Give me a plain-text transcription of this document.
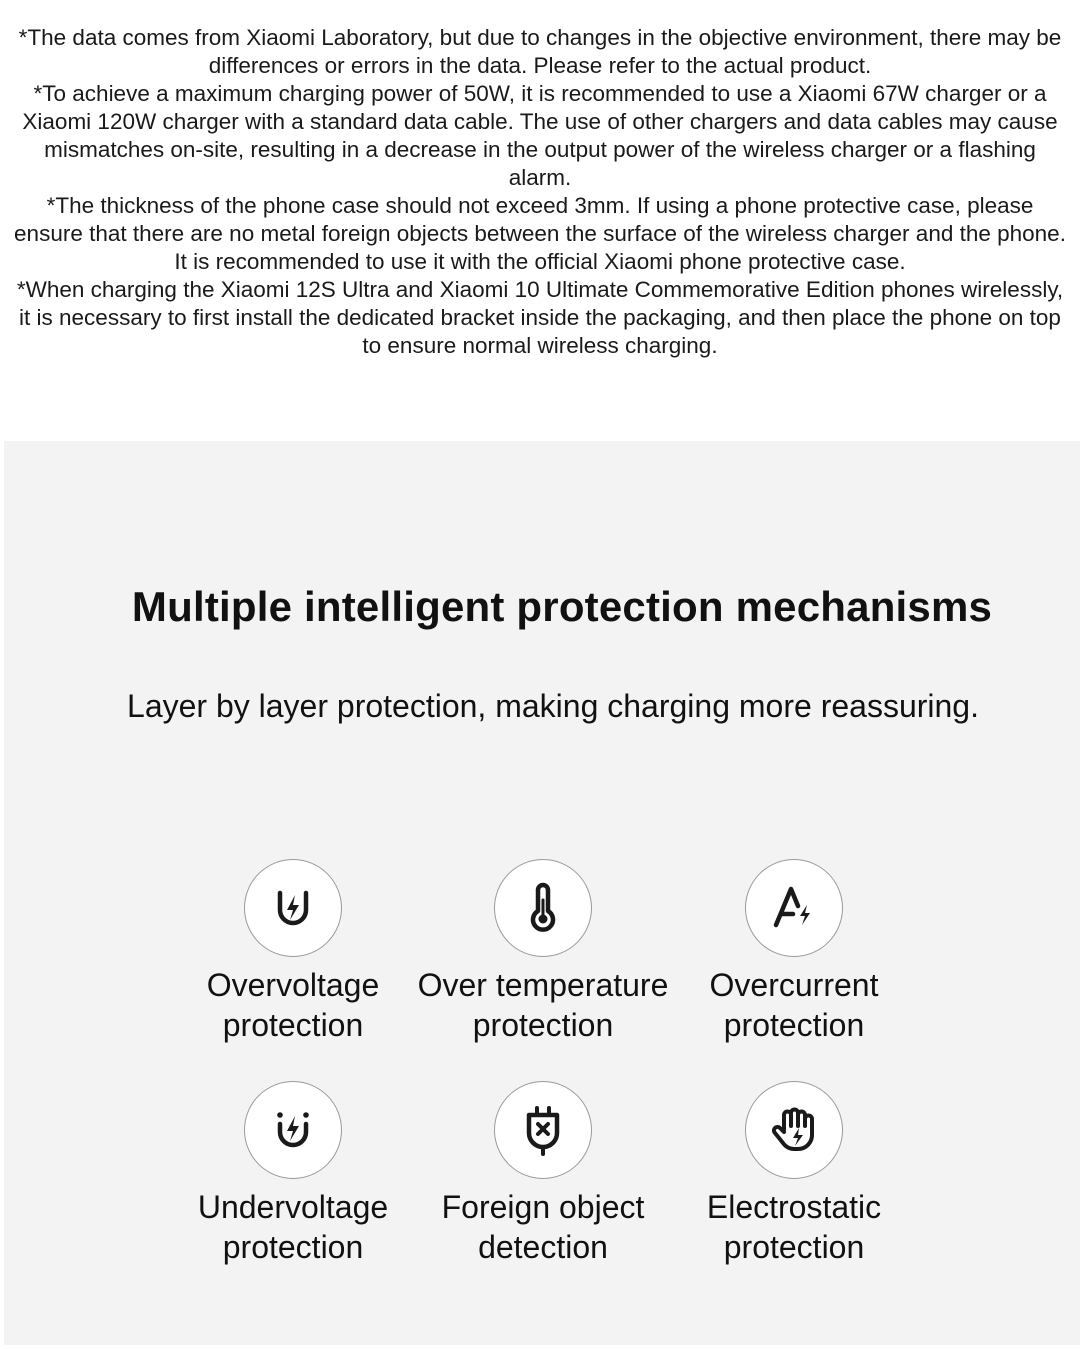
*The data comes from Xiaomi Laboratory, but due to changes in the objective environment, there may be differences or errors in the data. Please refer to the actual product.

*To achieve a maximum charging power of 50W, it is recommended to use a Xiaomi 67W charger or a Xiaomi 120W charger with a standard data cable. The use of other chargers and data cables may cause mismatches on-site, resulting in a decrease in the output power of the wireless charger or a flashing alarm.

*The thickness of the phone case should not exceed 3mm. If using a phone protective case, please ensure that there are no metal foreign objects between the surface of the wireless charger and the phone. It is recommended to use it with the official Xiaomi phone protective case.

*When charging the Xiaomi 12S Ultra and Xiaomi 10 Ultimate Commemorative Edition phones wirelessly, it is necessary to first install the dedicated bracket inside the packaging, and then place the phone on top to ensure normal wireless charging.

Multiple intelligent protection mechanisms
Layer by layer protection, making charging more reassuring.
Overvoltage
protection
Over temperature
protection
Overcurrent
protection
Undervoltage
protection
Foreign object
detection
Electrostatic
protection
